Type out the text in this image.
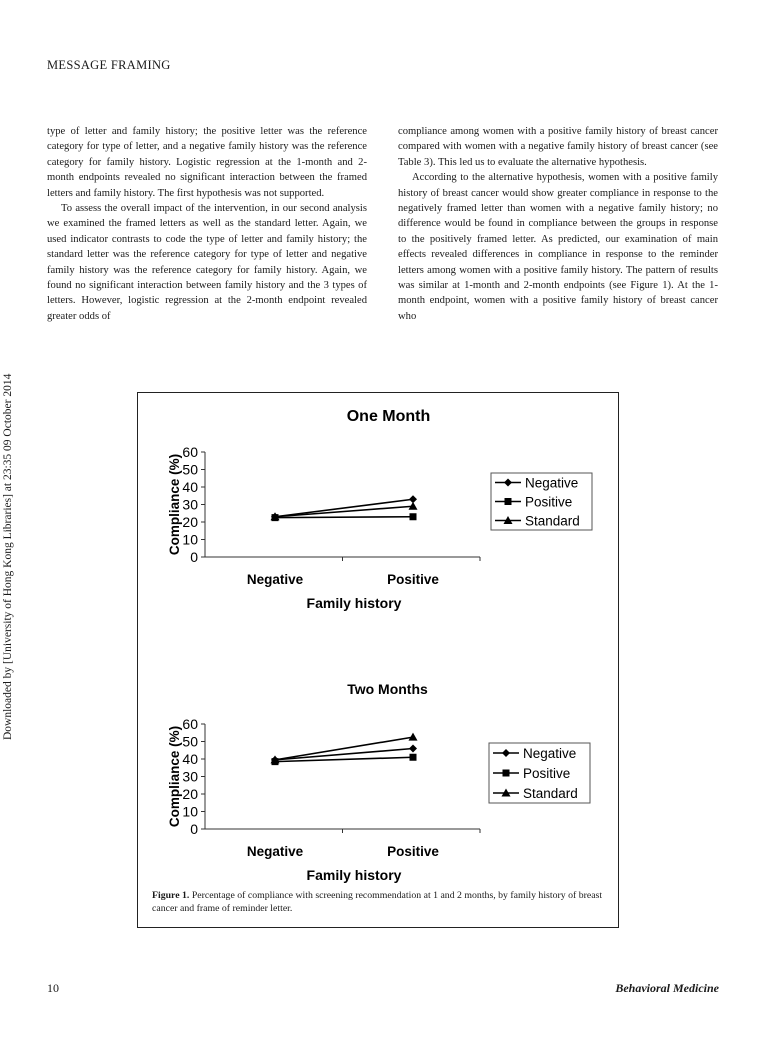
MESSAGE FRAMING
Downloaded by [University of Hong Kong Libraries] at 23:35 09 October 2014

type of letter and family history; the positive letter was the reference category for type of letter, and a negative family history was the reference category for family history. Logistic regression at the 1-month and 2-month endpoints revealed no significant interaction between the framed letters and family history. The first hypothesis was not supported.

To assess the overall impact of the intervention, in our second analysis we examined the framed letters as well as the standard letter. Again, we used indicator contrasts to code the type of letter and family history; the standard letter was the reference category for type of letter and negative family history was the reference category for family history. Again, we found no significant interaction between family history and the 3 types of letters. However, logistic regression at the 2-month endpoint revealed greater odds of

compliance among women with a positive family history of breast cancer compared with women with a negative family history of breast cancer (see Table 3). This led us to evaluate the alternative hypothesis.

According to the alternative hypothesis, women with a positive family history of breast cancer would show greater compliance in response to the negatively framed letter than women with a negative family history; no difference would be found in compliance between the groups in response to the positively framed letter. As predicted, our examination of main effects revealed differences in compliance in response to the reminder letters among women with a positive family history. The pattern of results was similar at 1-month and 2-month endpoints (see Figure 1). At the 1-month endpoint, women with a positive family history of breast cancer who

One Month
0
10
20
30
40
50
60
Negative	Positive
Family history
Compliance (%)	Negative
Positive
Standard
Two Months
0
10
20
30
40
50
60
Negative	Positive
Family history
Compliance (%)	Negative
Positive
Standard
Figure 1. Percentage of compliance with screening recommendation at 1 and 2 months, by family history of breast cancer and frame of reminder letter.
10	Behavioral Medicine
